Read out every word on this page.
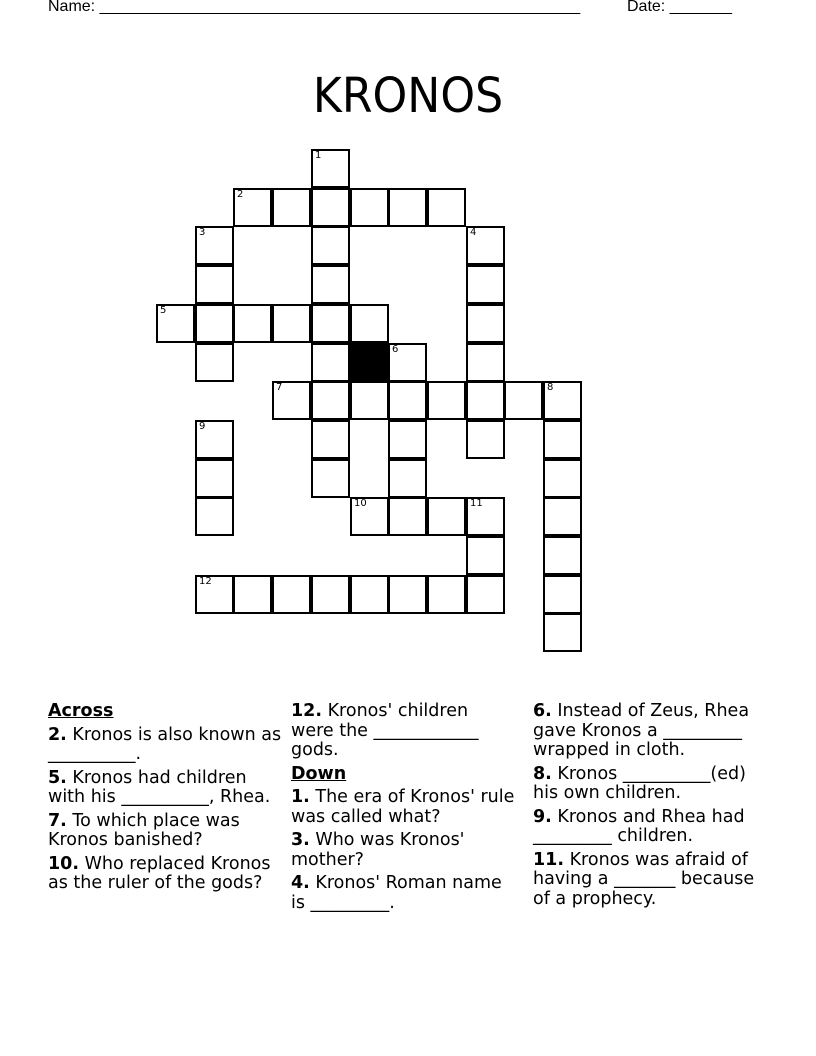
Name: ______________________________________________________	Date: _______
KRONOS
1
2
3	4
5
6
7	8
9
10	11
12
Across
2. Kronos is also known as __________.
5. Kronos had children with his __________, Rhea.
7. To which place was Kronos banished?
10. Who replaced Kronos as the ruler of the gods?
12. Kronos' children were the ____________ gods.
Down
1. The era of Kronos' rule was called what?
3. Who was Kronos' mother?
4. Kronos' Roman name is _________.
6. Instead of Zeus, Rhea gave Kronos a _________ wrapped in cloth.
8. Kronos __________(ed) his own children.
9. Kronos and Rhea had _________ children.
11. Kronos was afraid of having a _______ because of a prophecy.
